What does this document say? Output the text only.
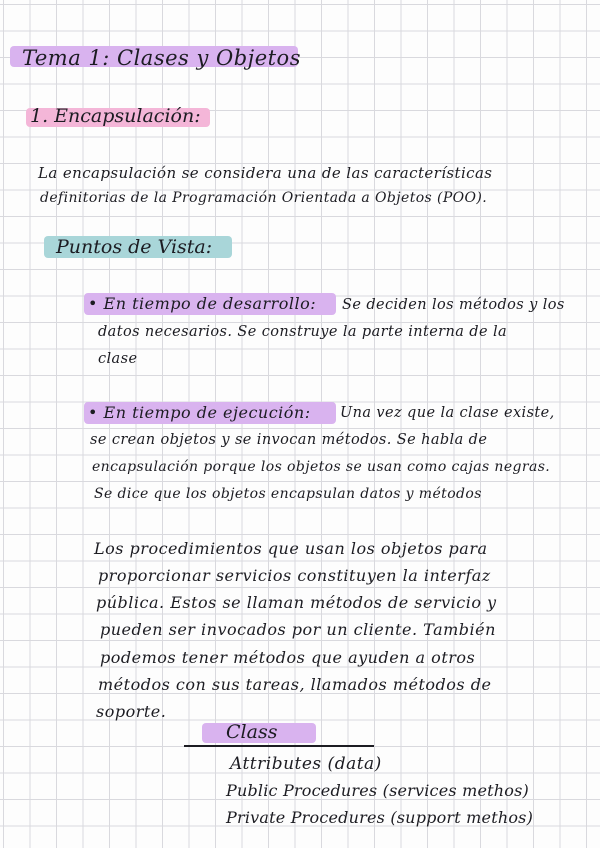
Tema 1: Clases y Objetos
1. Encapsulación:
La encapsulación se considera una de las características
definitorias de la Programación Orientada a Objetos (POO).
Puntos de Vista:
• En tiempo de desarrollo: Se deciden los métodos y los
datos necesarios. Se construye la parte interna de la
clase
• En tiempo de ejecución: Una vez que la clase existe,
se crean objetos y se invocan métodos. Se habla de
encapsulación porque los objetos se usan como cajas negras.
Se dice que los objetos encapsulan datos y métodos
Los procedimientos que usan los objetos para
proporcionar servicios constituyen la interfaz
pública. Estos se llaman métodos de servicio y
pueden ser invocados por un cliente. También
podemos tener métodos que ayuden a otros
métodos con sus tareas, llamados métodos de
soporte.
Class
Attributes (data)
Public Procedures (services methos)
Private Procedures (support methos)
